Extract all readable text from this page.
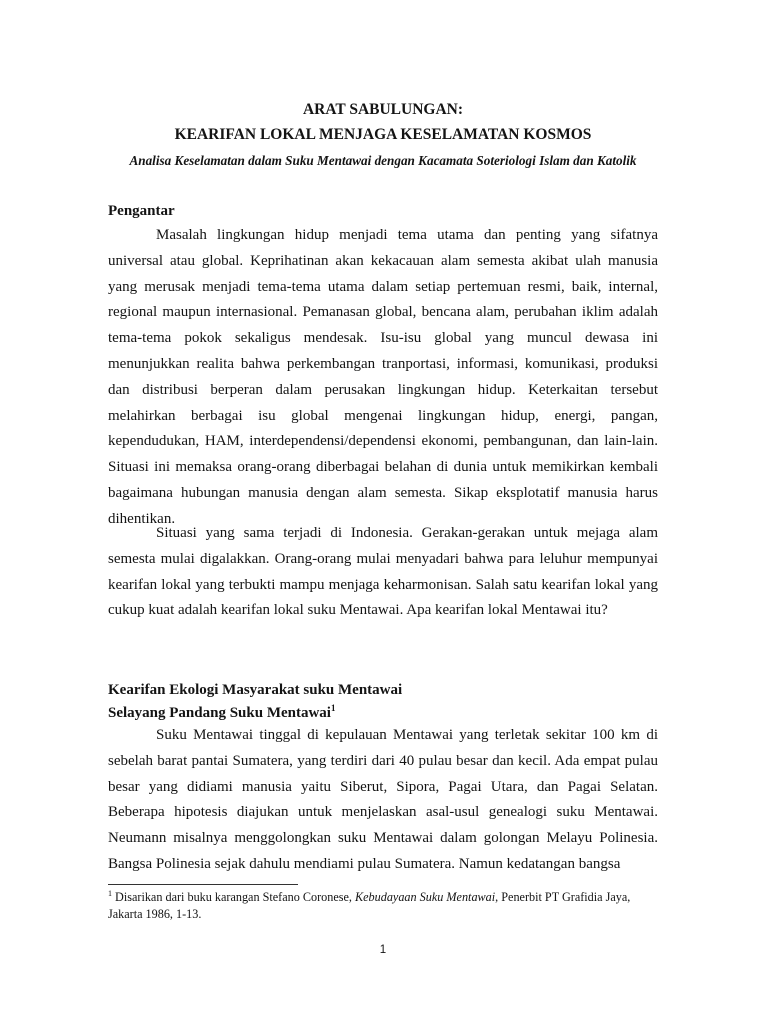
ARAT SABULUNGAN:
KEARIFAN LOKAL MENJAGA KESELAMATAN KOSMOS
Analisa Keselamatan dalam Suku Mentawai dengan Kacamata Soteriologi Islam dan Katolik
Pengantar

Masalah lingkungan hidup menjadi tema utama dan penting yang sifatnya universal atau global. Keprihatinan akan kekacauan alam semesta akibat ulah manusia yang merusak menjadi tema-tema utama dalam setiap pertemuan resmi, baik, internal, regional maupun internasional. Pemanasan global, bencana alam, perubahan iklim adalah tema-tema pokok sekaligus mendesak. Isu-isu global yang muncul dewasa ini menunjukkan realita bahwa perkembangan tranportasi, informasi, komunikasi, produksi dan distribusi berperan dalam perusakan lingkungan hidup. Keterkaitan tersebut melahirkan berbagai isu global mengenai lingkungan hidup, energi, pangan, kependudukan, HAM, interdependensi/dependensi ekonomi, pembangunan, dan lain-lain. Situasi ini memaksa orang-orang diberbagai belahan di dunia untuk memikirkan kembali bagaimana hubungan manusia dengan alam semesta. Sikap eksplotatif manusia harus dihentikan.

Situasi yang sama terjadi di Indonesia. Gerakan-gerakan untuk mejaga alam semesta mulai digalakkan. Orang-orang mulai menyadari bahwa para leluhur mempunyai kearifan lokal yang terbukti mampu menjaga keharmonisan. Salah satu kearifan lokal yang cukup kuat adalah kearifan lokal suku Mentawai. Apa kearifan lokal Mentawai itu?

Kearifan Ekologi Masyarakat suku Mentawai
Selayang Pandang Suku Mentawai$^1$

Suku Mentawai tinggal di kepulauan Mentawai yang terletak sekitar 100 km di sebelah barat pantai Sumatera, yang terdiri dari 40 pulau besar dan kecil. Ada empat pulau besar yang didiami manusia yaitu Siberut, Sipora, Pagai Utara, dan Pagai Selatan. Beberapa hipotesis diajukan untuk menjelaskan asal-usul genealogi suku Mentawai. Neumann misalnya menggolongkan suku Mentawai dalam golongan Melayu Polinesia. Bangsa Polinesia sejak dahulu mendiami pulau Sumatera. Namun kedatangan bangsa

$^1$ Disarikan dari buku karangan Stefano Coronese, Kebudayaan Suku Mentawai, Penerbit PT Grafidia Jaya, Jakarta 1986, 1-13.

1
